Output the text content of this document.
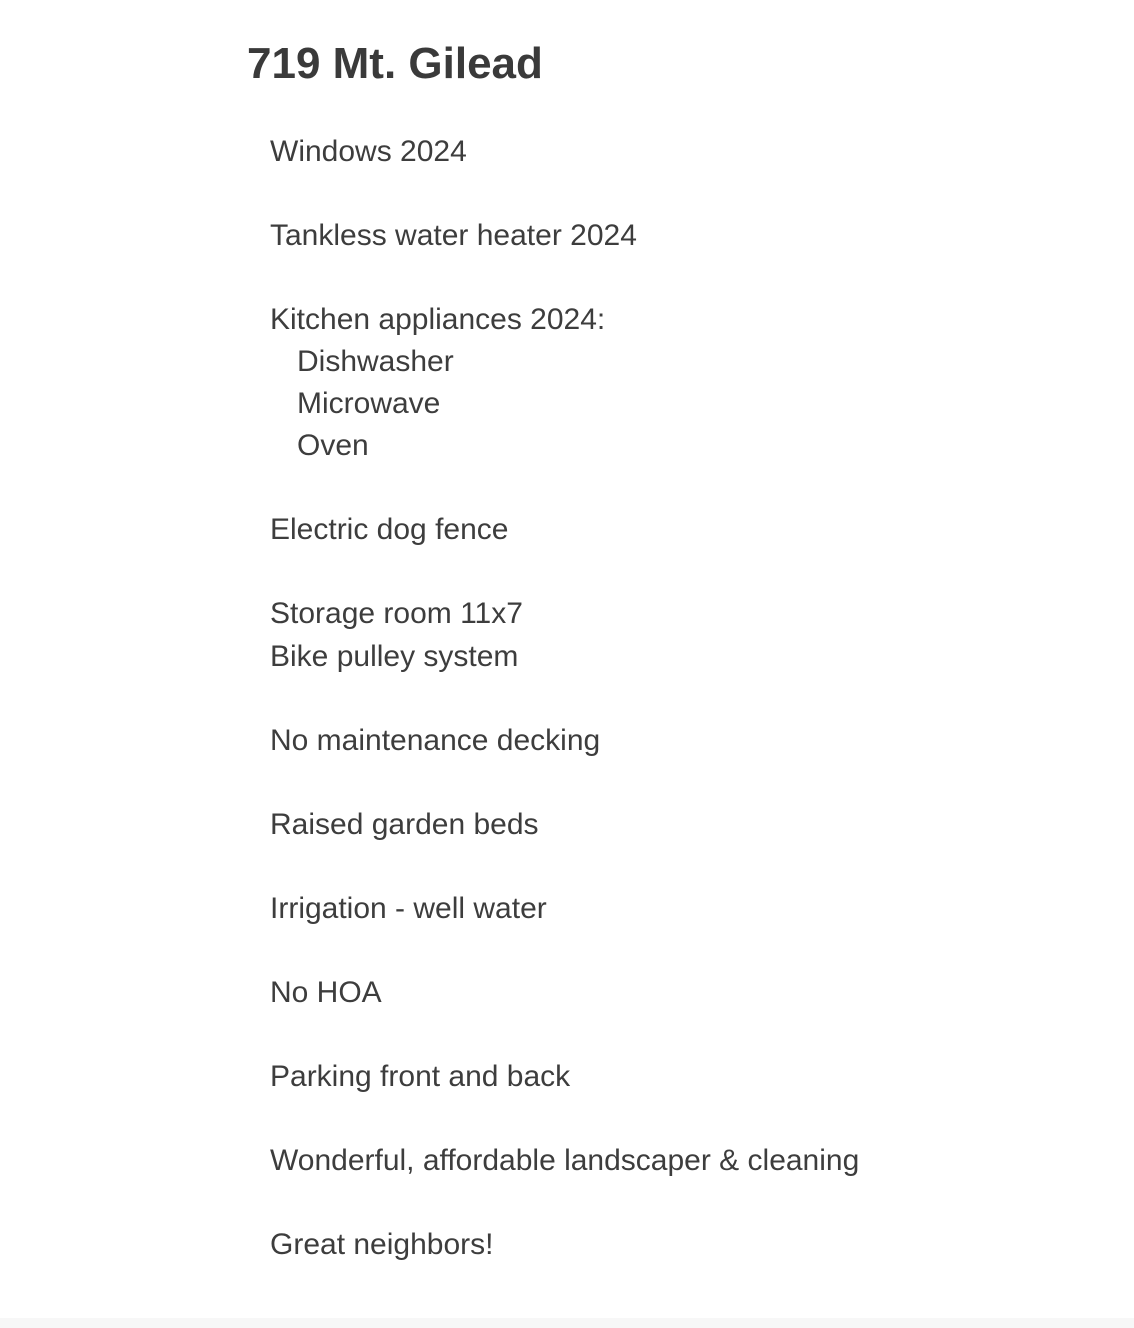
719 Mt. Gilead
Windows 2024
Tankless water heater 2024
Kitchen appliances 2024:
Dishwasher
Microwave
Oven
Electric dog fence
Storage room 11x7
Bike pulley system
No maintenance decking
Raised garden beds
Irrigation - well water
No HOA
Parking front and back
Wonderful, affordable landscaper & cleaning
Great neighbors!
